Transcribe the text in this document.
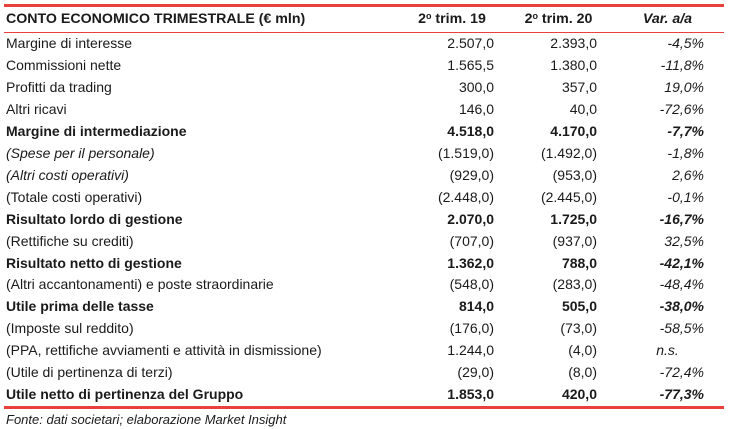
CONTO ECONOMICO TRIMESTRALE (€ mln)	2$^o$ trim. 19	2$^o$ trim. 20	Var. a/a
Margine di interesse	2.507,0	2.393,0	-4,5%
Commissioni nette	1.565,5	1.380,0	-11,8%
Profitti da trading	300,0	357,0	19,0%
Altri ricavi	146,0	40,0	-72,6%
Margine di intermediazione	4.518,0	4.170,0	-7,7%
(Spese per il personale)	(1.519,0)	(1.492,0)	-1,8%
(Altri costi operativi)	(929,0)	(953,0)	2,6%
(Totale costi operativi)	(2.448,0)	(2.445,0)	-0,1%
Risultato lordo di gestione	2.070,0	1.725,0	-16,7%
(Rettifiche su crediti)	(707,0)	(937,0)	32,5%
Risultato netto di gestione	1.362,0	788,0	-42,1%
(Altri accantonamenti) e poste straordinarie	(548,0)	(283,0)	-48,4%
Utile prima delle tasse	814,0	505,0	-38,0%
(Imposte sul reddito)	(176,0)	(73,0)	-58,5%
(PPA, rettifiche avviamenti e attività in dismissione)	1.244,0	(4,0)	n.s.
(Utile di pertinenza di terzi)	(29,0)	(8,0)	-72,4%
Utile netto di pertinenza del Gruppo	1.853,0	420,0	-77,3%
Fonte: dati societari; elaborazione Market Insight
